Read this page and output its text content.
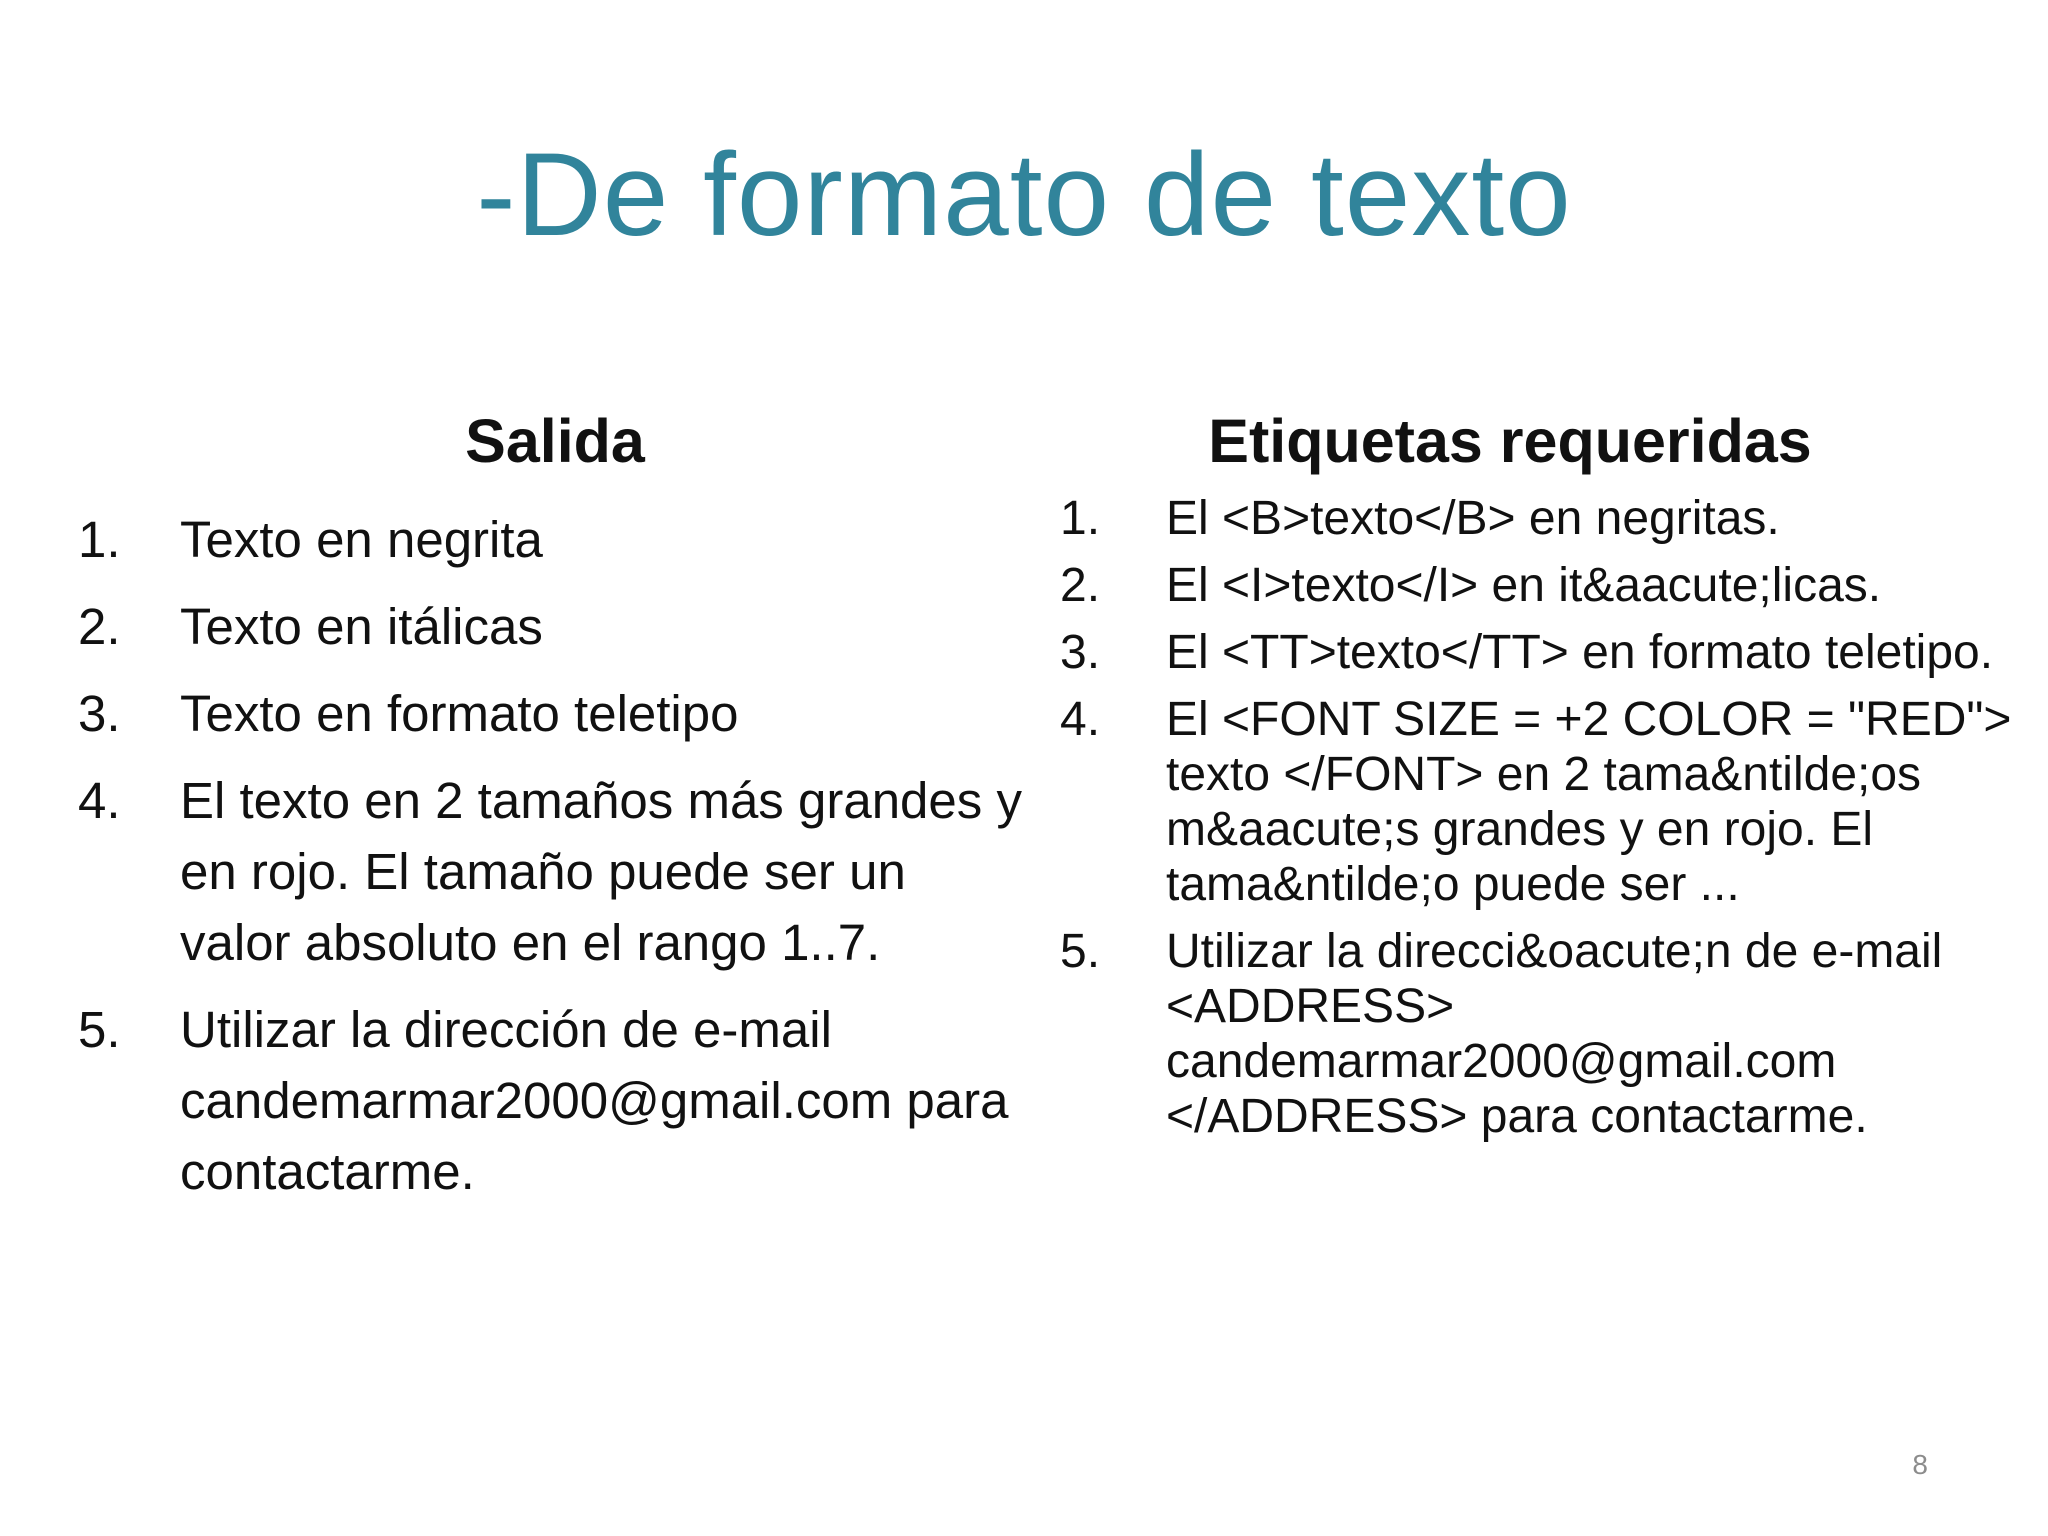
-De formato de texto
Salida	Etiquetas requeridas
1. Texto en negrita
2. Texto en itálicas
3. Texto en formato teletipo
4. El texto en 2 tamaños más grandes y en rojo. El tamaño puede ser un valor absoluto en el rango 1..7.
5. Utilizar la dirección de e-mail candemarmar2000@gmail.com para contactarme.
1. El <B>texto</B> en negritas.
2. El <I>texto</I> en it&aacute;licas.
3. El <TT>texto</TT> en formato teletipo.
4. El <FONT SIZE = +2 COLOR = "RED"> texto </FONT> en 2 tama&ntilde;os m&aacute;s grandes y en rojo. El tama&ntilde;o puede ser ...
5. Utilizar la direcci&oacute;n de e-mail <ADDRESS> candemarmar2000@gmail.com </ADDRESS> para contactarme.
8
